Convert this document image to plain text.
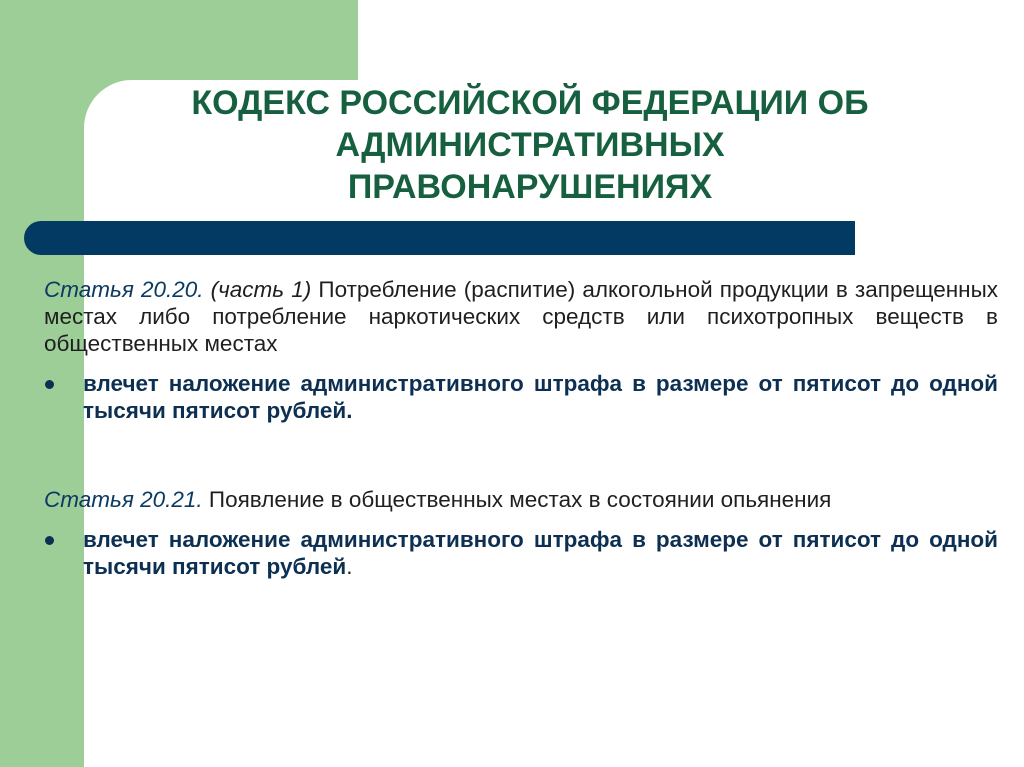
КОДЕКС РОССИЙСКОЙ ФЕДЕРАЦИИ ОБ
АДМИНИСТРАТИВНЫХ
ПРАВОНАРУШЕНИЯХ

Статья 20.20. (часть 1) Потребление (распитие) алкогольной продукции в запрещенных местах либо потребление наркотических средств или психотропных веществ в общественных местах

влечет наложение административного штрафа в размере от пятисот до одной тысячи пятисот рублей.

Статья 20.21. Появление в общественных местах в состоянии опьянения

влечет наложение административного штрафа в размере от пятисот до одной тысячи пятисот рублей.
